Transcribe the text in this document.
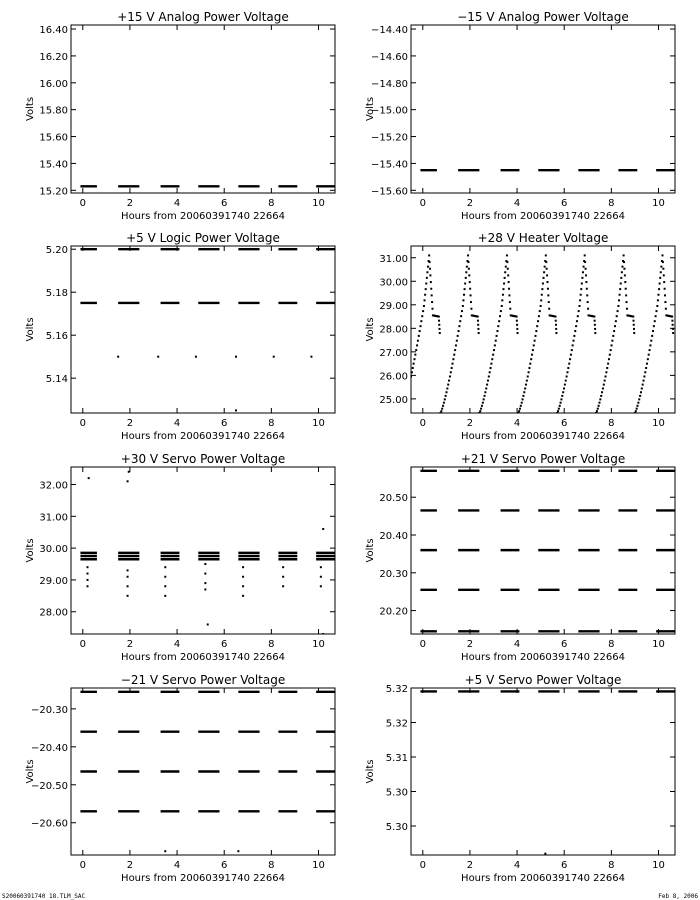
+15 V Analog Power Voltage
Hours from 20060391740 22664
Volts
0	2	4	6	8	10
15.20
15.40
15.60
15.80
16.00
16.20
16.40
−15 V Analog Power Voltage
Hours from 20060391740 22664
Volts
0	2	4	6	8	10
−15.60
−15.40
−15.20
−15.00
−14.80
−14.60
−14.40
+5 V Logic Power Voltage
Hours from 20060391740 22664
Volts
0	2	4	6	8	10
5.14
5.16
5.18
5.20
+28 V Heater Voltage
Hours from 20060391740 22664
Volts
0	2	4	6	8	10
25.00
26.00
27.00
28.00
29.00
30.00
31.00
+30 V Servo Power Voltage
Hours from 20060391740 22664
Volts
0	2	4	6	8	10
28.00
29.00
30.00
31.00
32.00
+21 V Servo Power Voltage
Hours from 20060391740 22664
Volts
0	2	4	6	8	10
20.20
20.30
20.40
20.50
−21 V Servo Power Voltage
Hours from 20060391740 22664
Volts
0	2	4	6	8	10
−20.60
−20.50
−20.40
−20.30
+5 V Servo Power Voltage
Hours from 20060391740 22664
Volts
0	2	4	6	8	10
5.30
5.30
5.31
5.32
5.32
S20060391740 18.TLM_SAC	Feb 8, 2006
